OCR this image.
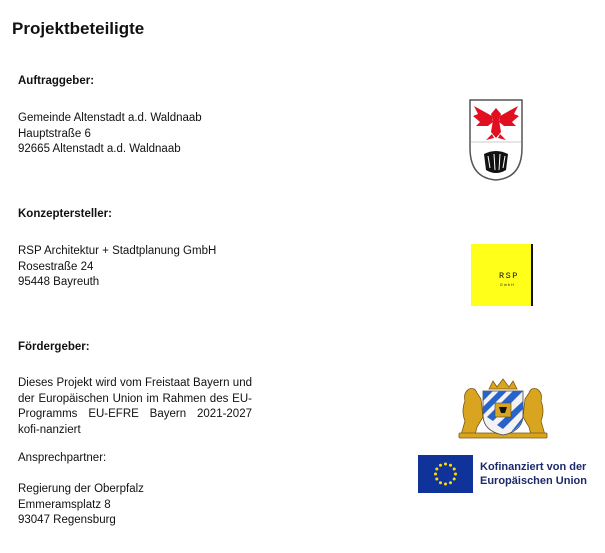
Projektbeteiligte
Auftraggeber:
Gemeinde Altenstadt a.d. Waldnaab
Hauptstraße 6
92665 Altenstadt a.d. Waldnaab
Konzeptersteller:
RSP Architektur + Stadtplanung GmbH
Rosestraße 24
95448 Bayreuth	RSP
GmbH
Fördergeber:
Dieses Projekt wird vom Freistaat Bayern und der Europäischen Union im Rahmen des EU-Programms EU-EFRE Bayern 2021-2027 kofi-nanziert
Ansprechpartner:
Regierung der Oberpfalz
Emmeramsplatz 8
93047 Regensburg
Kofinanziert von der
Europäischen Union
